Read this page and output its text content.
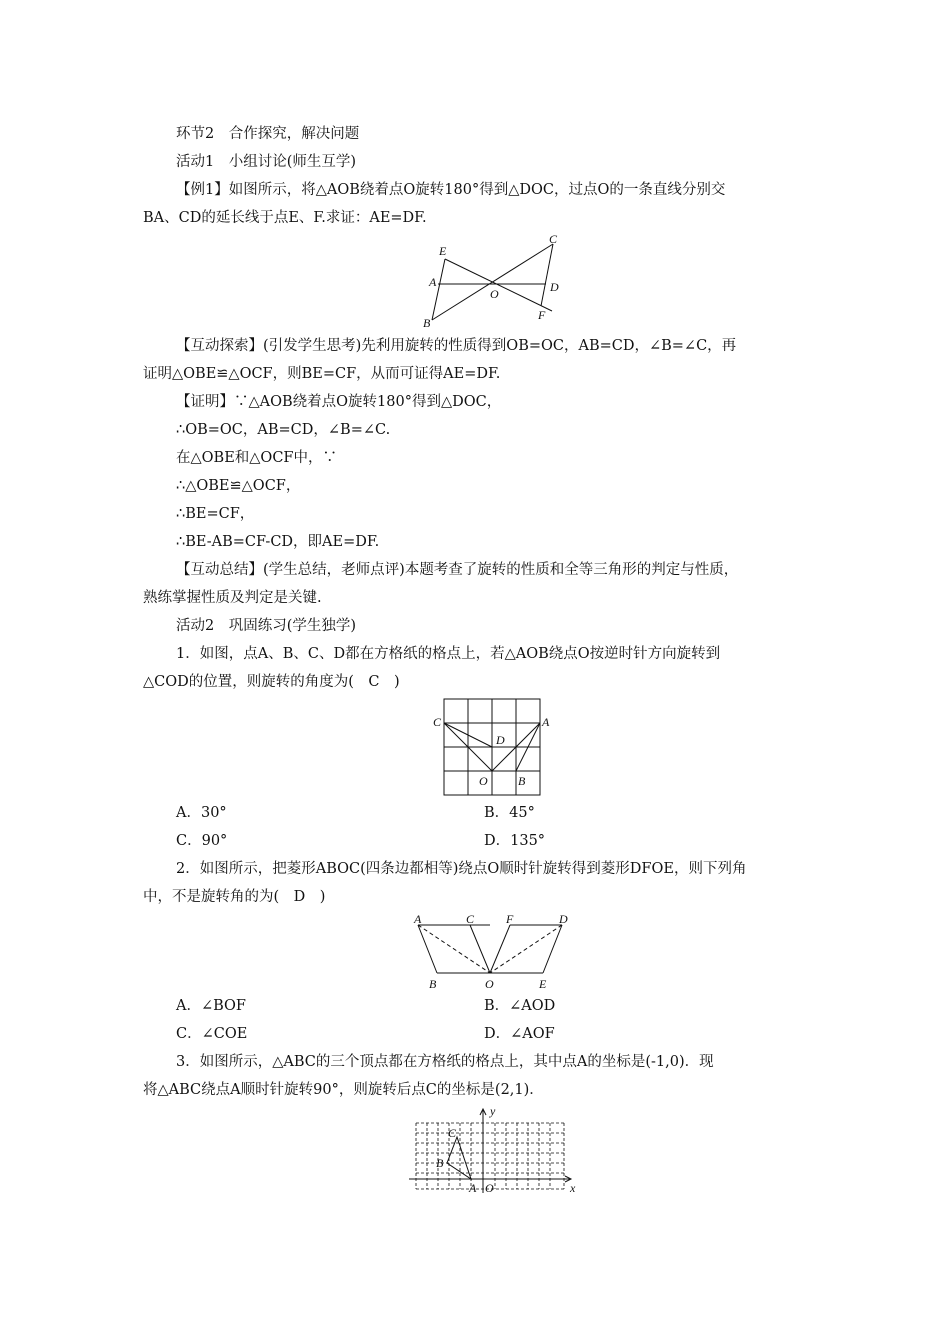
环节2　合作探究，解决问题
活动1　小组讨论(师生互学)
【例1】如图所示，将△AOB绕着点O旋转180°得到△DOC，过点O的一条直线分别交
BA、CD的延长线于点E、F.求证：AE=DF.
E
C
A
O	D
F
B
【互动探索】(引发学生思考)先利用旋转的性质得到OB=OC，AB=CD，∠B=∠C，再
证明△OBE≌△OCF，则BE=CF，从而可证得AE=DF.
【证明】∵△AOB绕着点O旋转180°得到△DOC，
∴OB=OC，AB=CD，∠B=∠C.
在△OBE和△OCF中，∵
∴△OBE≌△OCF，
∴BE=CF，
∴BE-AB=CF-CD，即AE=DF.
【互动总结】(学生总结，老师点评)本题考查了旋转的性质和全等三角形的判定与性质，
熟练掌握性质及判定是关键.
活动2　巩固练习(学生独学)
1．如图，点A、B、C、D都在方格纸的格点上，若△AOB绕点O按逆时针方向旋转到
△COD的位置，则旋转的角度为(　C　)
C	A
D
O	B
A．30°	B．45°
C．90°	D．135°
2．如图所示，把菱形ABOC(四条边都相等)绕点O顺时针旋转得到菱形DFOE，则下列角
中，不是旋转角的为(　D　)
A	C	F	D
B	O	E
A．∠BOF	B．∠AOD
C．∠COE	D．∠AOF
3．如图所示，△ABC的三个顶点都在方格纸的格点上，其中点A的坐标是(-1,0)．现
将△ABC绕点A顺时针旋转90°，则旋转后点C的坐标是(2,1)．
y
x
C
B
A O
